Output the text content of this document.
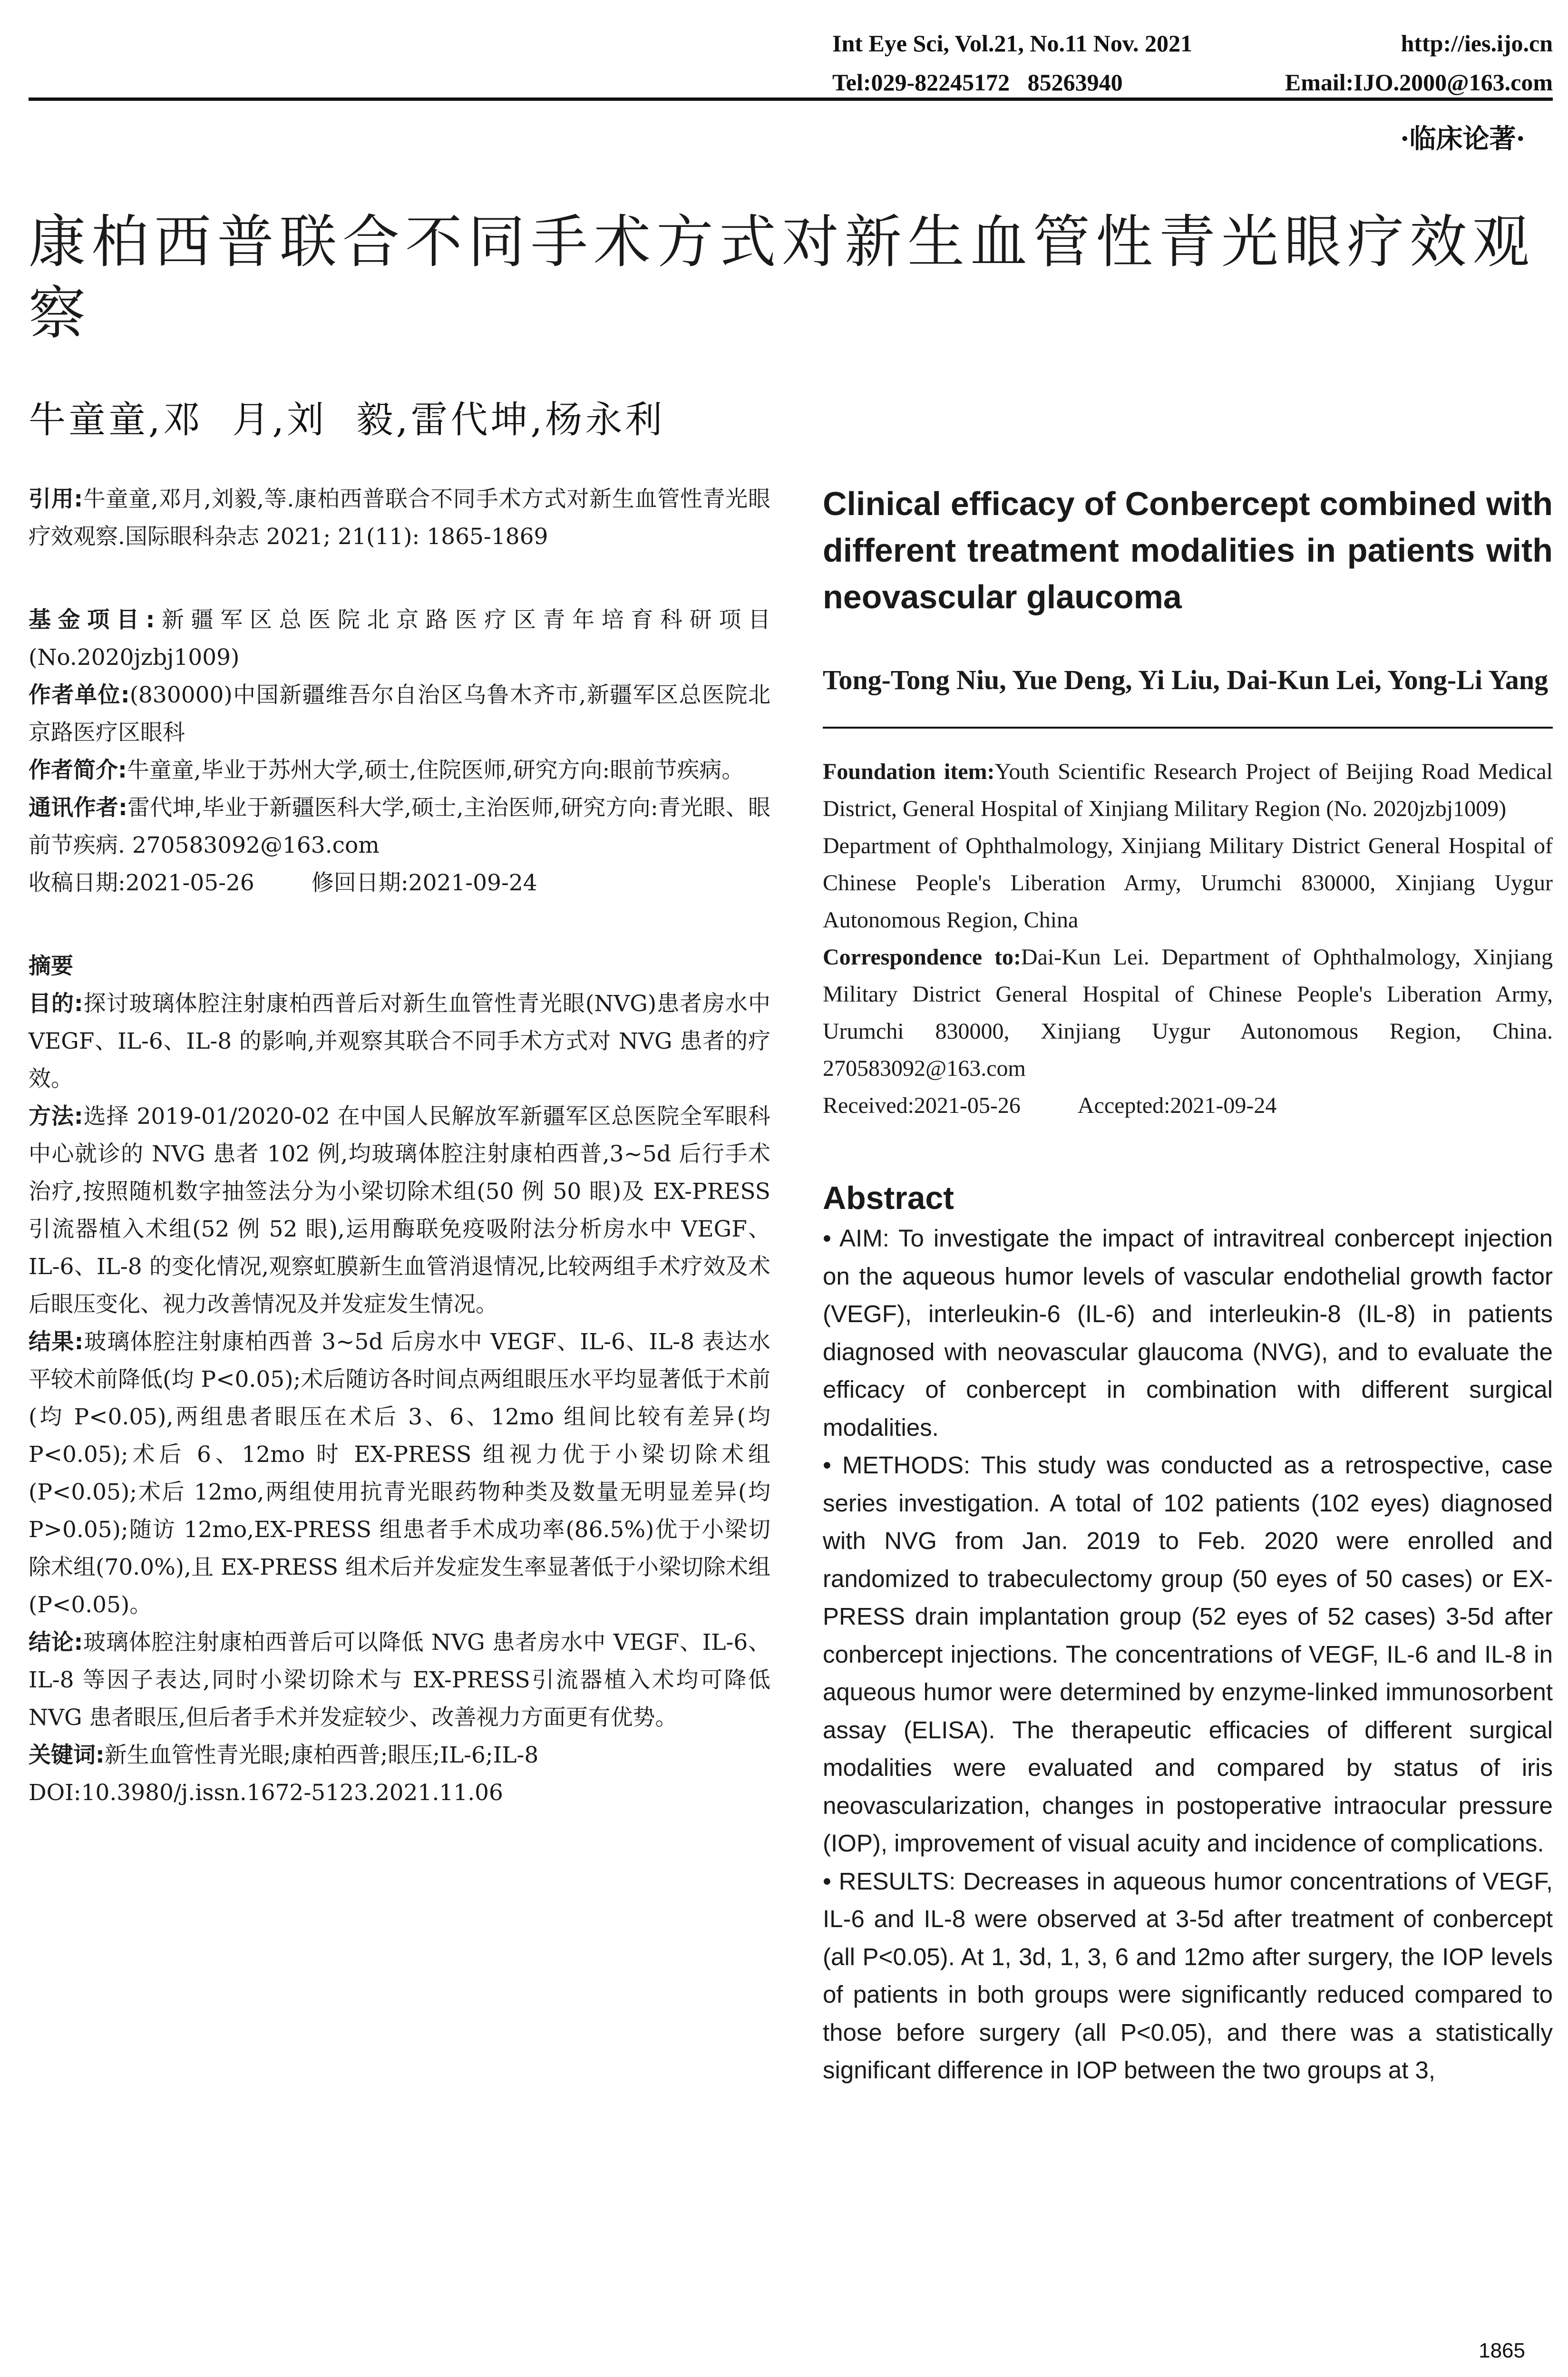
Int Eye Sci, Vol.21, No.11 Nov. 2021	http://ies.ijo.cn
Tel:029-82245172   85263940	Email:IJO.2000@163.com
·临床论著·
康柏西普联合不同手术方式对新生血管性青光眼疗效观察
牛童童,邓  月,刘  毅,雷代坤,杨永利

引用:牛童童,邓月,刘毅,等.康柏西普联合不同手术方式对新生血管性青光眼疗效观察.国际眼科杂志 2021; 21(11): 1865-1869

基金项目:新疆军区总医院北京路医疗区青年培育科研项目(No.2020jzbj1009)

作者单位:(830000)中国新疆维吾尔自治区乌鲁木齐市,新疆军区总医院北京路医疗区眼科

作者简介:牛童童,毕业于苏州大学,硕士,住院医师,研究方向:眼前节疾病。

通讯作者:雷代坤,毕业于新疆医科大学,硕士,主治医师,研究方向:青光眼、眼前节疾病. 270583092@163.com

收稿日期:2021-05-26	修回日期:2021-09-24

摘要

目的:探讨玻璃体腔注射康柏西普后对新生血管性青光眼(NVG)患者房水中 VEGF、IL-6、IL-8 的影响,并观察其联合不同手术方式对 NVG 患者的疗效。

方法:选择 2019-01/2020-02 在中国人民解放军新疆军区总医院全军眼科中心就诊的 NVG 患者 102 例,均玻璃体腔注射康柏西普,3~5d 后行手术治疗,按照随机数字抽签法分为小梁切除术组(50 例 50 眼)及 EX-PRESS 引流器植入术组(52 例 52 眼),运用酶联免疫吸附法分析房水中 VEGF、IL-6、IL-8 的变化情况,观察虹膜新生血管消退情况,比较两组手术疗效及术后眼压变化、视力改善情况及并发症发生情况。

结果:玻璃体腔注射康柏西普 3~5d 后房水中 VEGF、IL-6、IL-8 表达水平较术前降低(均 P<0.05);术后随访各时间点两组眼压水平均显著低于术前(均 P<0.05),两组患者眼压在术后 3、6、12mo 组间比较有差异(均 P<0.05);术后 6、12mo 时 EX-PRESS 组视力优于小梁切除术组(P<0.05);术后 12mo,两组使用抗青光眼药物种类及数量无明显差异(均 P>0.05);随访 12mo,EX-PRESS 组患者手术成功率(86.5%)优于小梁切除术组(70.0%),且 EX-PRESS 组术后并发症发生率显著低于小梁切除术组(P<0.05)。

结论:玻璃体腔注射康柏西普后可以降低 NVG 患者房水中 VEGF、IL-6、IL-8 等因子表达,同时小梁切除术与 EX-PRESS引流器植入术均可降低 NVG 患者眼压,但后者手术并发症较少、改善视力方面更有优势。

关键词:新生血管性青光眼;康柏西普;眼压;IL-6;IL-8

DOI:10.3980/j.issn.1672-5123.2021.11.06

Clinical efficacy of Conbercept combined with different treatment modalities in patients with neovascular glaucoma

Tong-Tong Niu, Yue Deng, Yi Liu, Dai-Kun Lei, Yong-Li Yang

Foundation item:Youth Scientific Research Project of Beijing Road Medical District, General Hospital of Xinjiang Military Region (No. 2020jzbj1009)

Department of Ophthalmology, Xinjiang Military District General Hospital of Chinese People's Liberation Army, Urumchi 830000, Xinjiang Uygur Autonomous Region, China

Correspondence to:Dai-Kun Lei. Department of Ophthalmology, Xinjiang Military District General Hospital of Chinese People's Liberation Army, Urumchi 830000, Xinjiang Uygur Autonomous Region, China. 270583092@163.com

Received:2021-05-26	Accepted:2021-09-24

Abstract

• AIM: To investigate the impact of intravitreal conbercept injection on the aqueous humor levels of vascular endothelial growth factor (VEGF), interleukin-6 (IL-6) and interleukin-8 (IL-8) in patients diagnosed with neovascular glaucoma (NVG), and to evaluate the efficacy of conbercept in combination with different surgical modalities.

• METHODS: This study was conducted as a retrospective, case series investigation. A total of 102 patients (102 eyes) diagnosed with NVG from Jan. 2019 to Feb. 2020 were enrolled and randomized to trabeculectomy group (50 eyes of 50 cases) or EX-PRESS drain implantation group (52 eyes of 52 cases) 3-5d after conbercept injections. The concentrations of VEGF, IL-6 and IL-8 in aqueous humor were determined by enzyme-linked immunosorbent assay (ELISA). The therapeutic efficacies of different surgical modalities were evaluated and compared by status of iris neovascularization, changes in postoperative intraocular pressure (IOP), improvement of visual acuity and incidence of complications.

• RESULTS: Decreases in aqueous humor concentrations of VEGF, IL-6 and IL-8 were observed at 3-5d after treatment of conbercept (all P<0.05). At 1, 3d, 1, 3, 6 and 12mo after surgery, the IOP levels of patients in both groups were significantly reduced compared to those before surgery (all P<0.05), and there was a statistically significant difference in IOP between the two groups at 3,

1865
